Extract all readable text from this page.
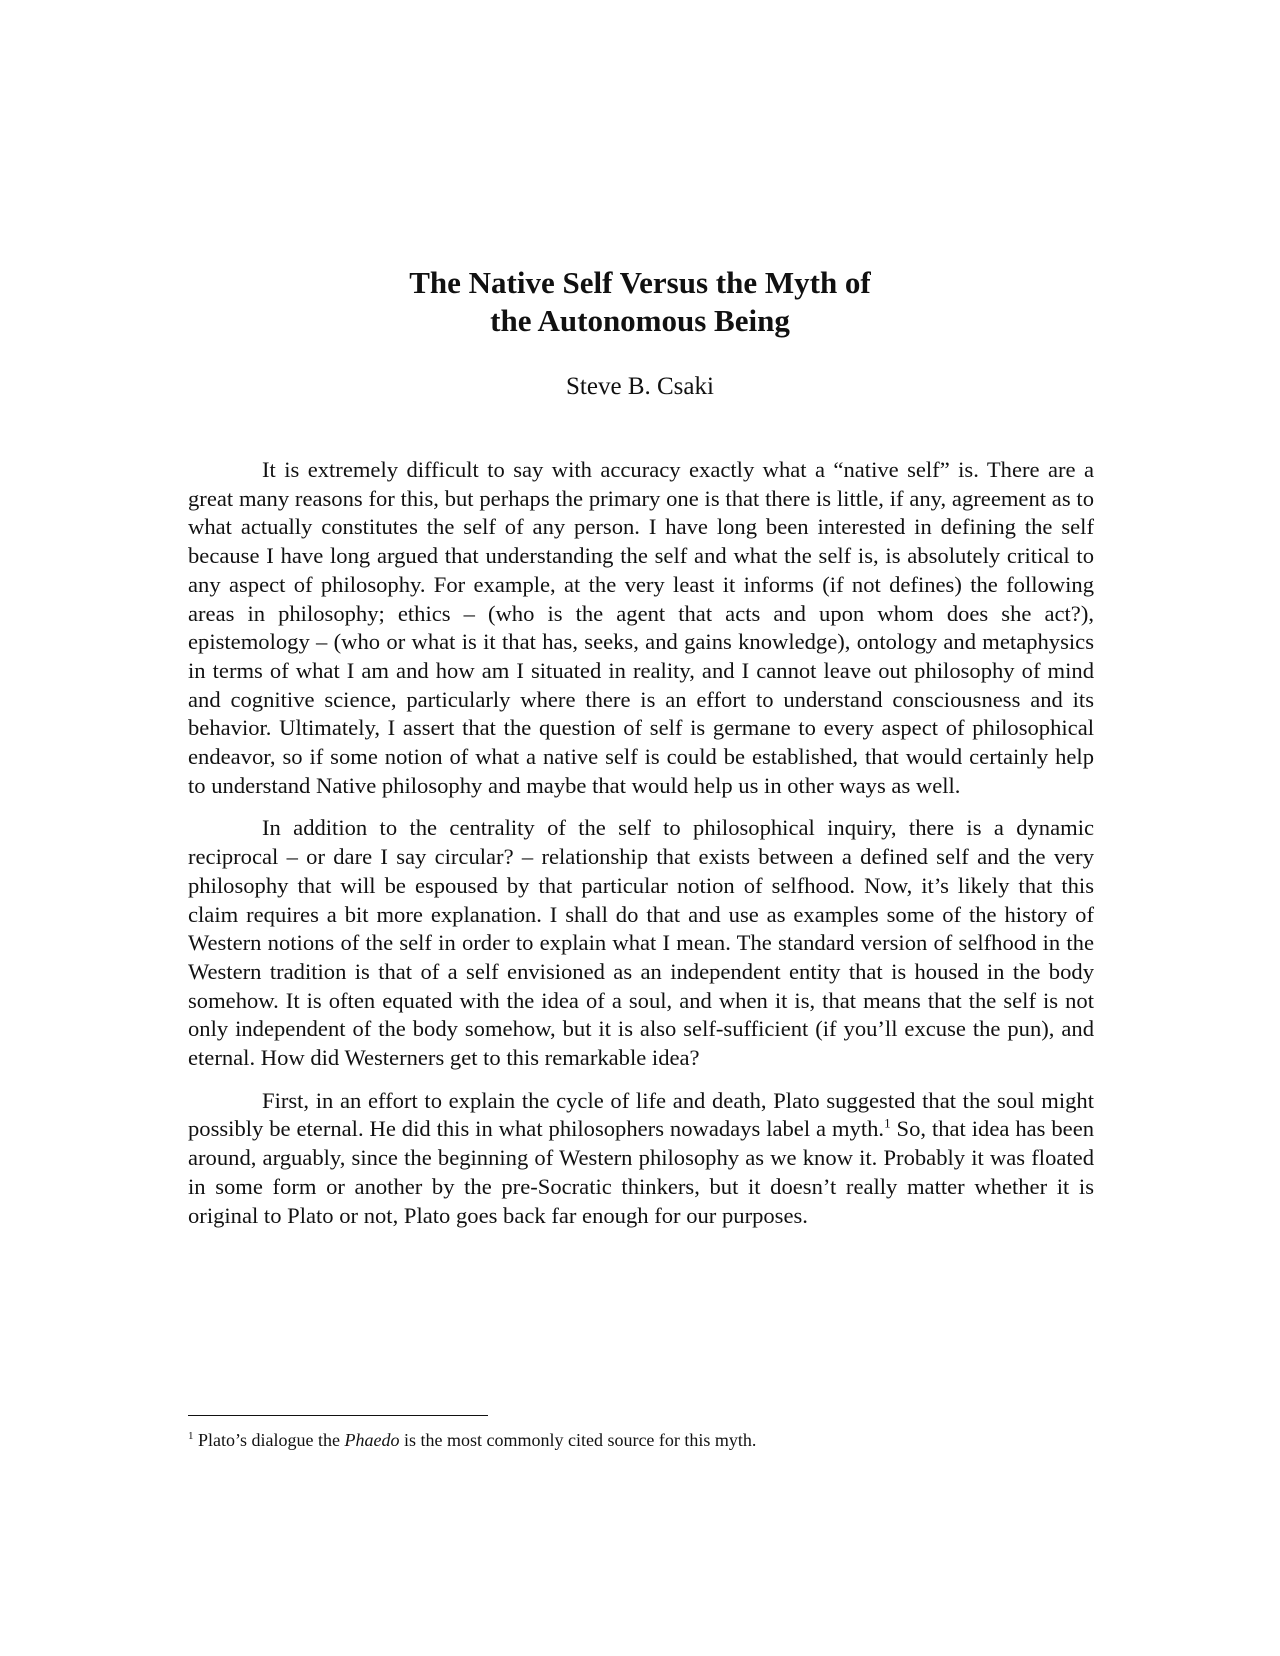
The Native Self Versus the Myth of
the Autonomous Being

Steve B. Csaki

It is extremely difficult to say with accuracy exactly what a “native self” is. There are a great many reasons for this, but perhaps the primary one is that there is little, if any, agreement as to what actually constitutes the self of any person. I have long been interested in defining the self because I have long argued that understanding the self and what the self is, is absolutely critical to any aspect of philosophy. For example, at the very least it informs (if not defines) the following areas in philosophy; ethics – (who is the agent that acts and upon whom does she act?), epistemology – (who or what is it that has, seeks, and gains knowledge), ontology and metaphysics in terms of what I am and how am I situated in reality, and I cannot leave out philosophy of mind and cognitive science, particularly where there is an effort to understand consciousness and its behavior. Ultimately, I assert that the question of self is germane to every aspect of philosophical endeavor, so if some notion of what a native self is could be established, that would certainly help to understand Native philosophy and maybe that would help us in other ways as well.

In addition to the centrality of the self to philosophical inquiry, there is a dynamic reciprocal – or dare I say circular? – relationship that exists between a defined self and the very philosophy that will be espoused by that particular notion of selfhood. Now, it’s likely that this claim requires a bit more explanation. I shall do that and use as examples some of the history of Western notions of the self in order to explain what I mean. The standard version of selfhood in the Western tradition is that of a self envisioned as an independent entity that is housed in the body somehow. It is often equated with the idea of a soul, and when it is, that means that the self is not only independent of the body somehow, but it is also self-sufficient (if you’ll excuse the pun), and eternal. How did Westerners get to this remarkable idea?

First, in an effort to explain the cycle of life and death, Plato suggested that the soul might possibly be eternal. He did this in what philosophers nowadays label a myth.$^1$ So, that idea has been around, arguably, since the beginning of Western philosophy as we know it. Probably it was floated in some form or another by the pre-Socratic thinkers, but it doesn’t really matter whether it is original to Plato or not, Plato goes back far enough for our purposes.

$^1$ Plato’s dialogue the Phaedo is the most commonly cited source for this myth.
